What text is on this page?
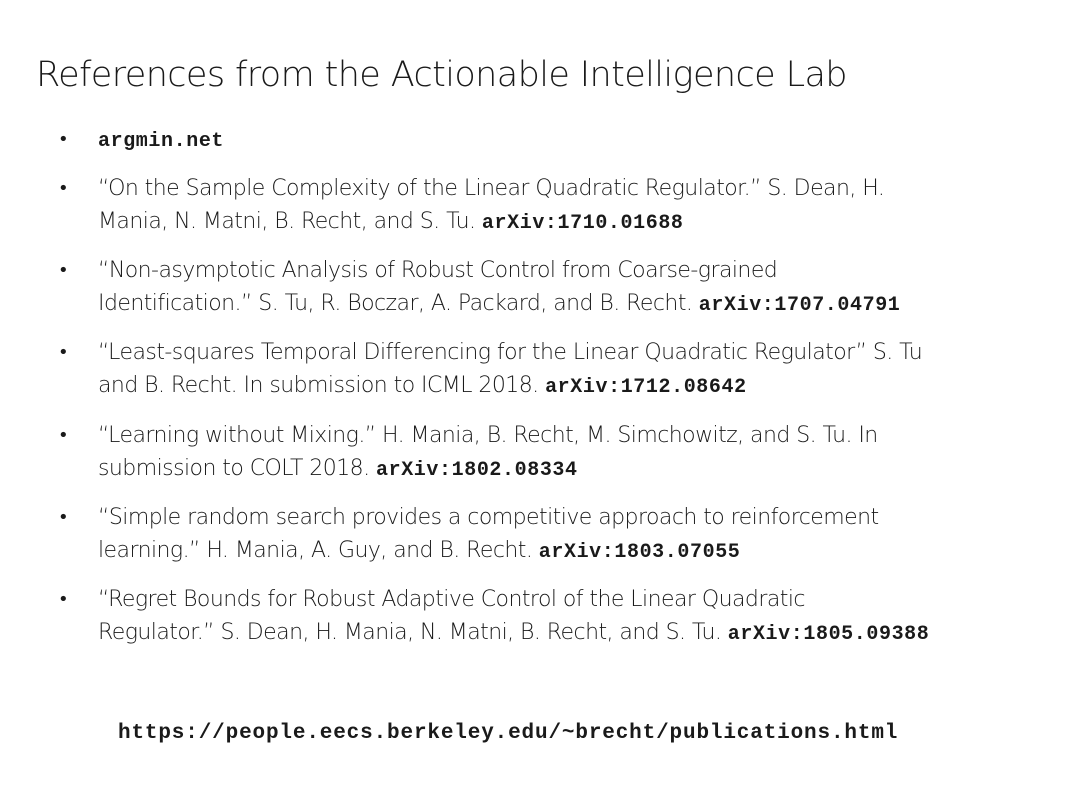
References from the Actionable Intelligence Lab
• argmin.net
• “On the Sample Complexity of the Linear Quadratic Regulator.” S. Dean, H.
Mania, N. Matni, B. Recht, and S. Tu. arXiv:1710.01688
• “Non-asymptotic Analysis of Robust Control from Coarse-grained
Identification.” S. Tu, R. Boczar, A. Packard, and B. Recht. arXiv:1707.04791
• “Least-squares Temporal Differencing for the Linear Quadratic Regulator” S. Tu
and B. Recht. In submission to ICML 2018. arXiv:1712.08642
• “Learning without Mixing.” H. Mania, B. Recht, M. Simchowitz, and S. Tu. In
submission to COLT 2018. arXiv:1802.08334
• “Simple random search provides a competitive approach to reinforcement
learning.” H. Mania, A. Guy, and B. Recht. arXiv:1803.07055
• “Regret Bounds for Robust Adaptive Control of the Linear Quadratic
Regulator.” S. Dean, H. Mania, N. Matni, B. Recht, and S. Tu. arXiv:1805.09388
https://people.eecs.berkeley.edu/~brecht/publications.html
